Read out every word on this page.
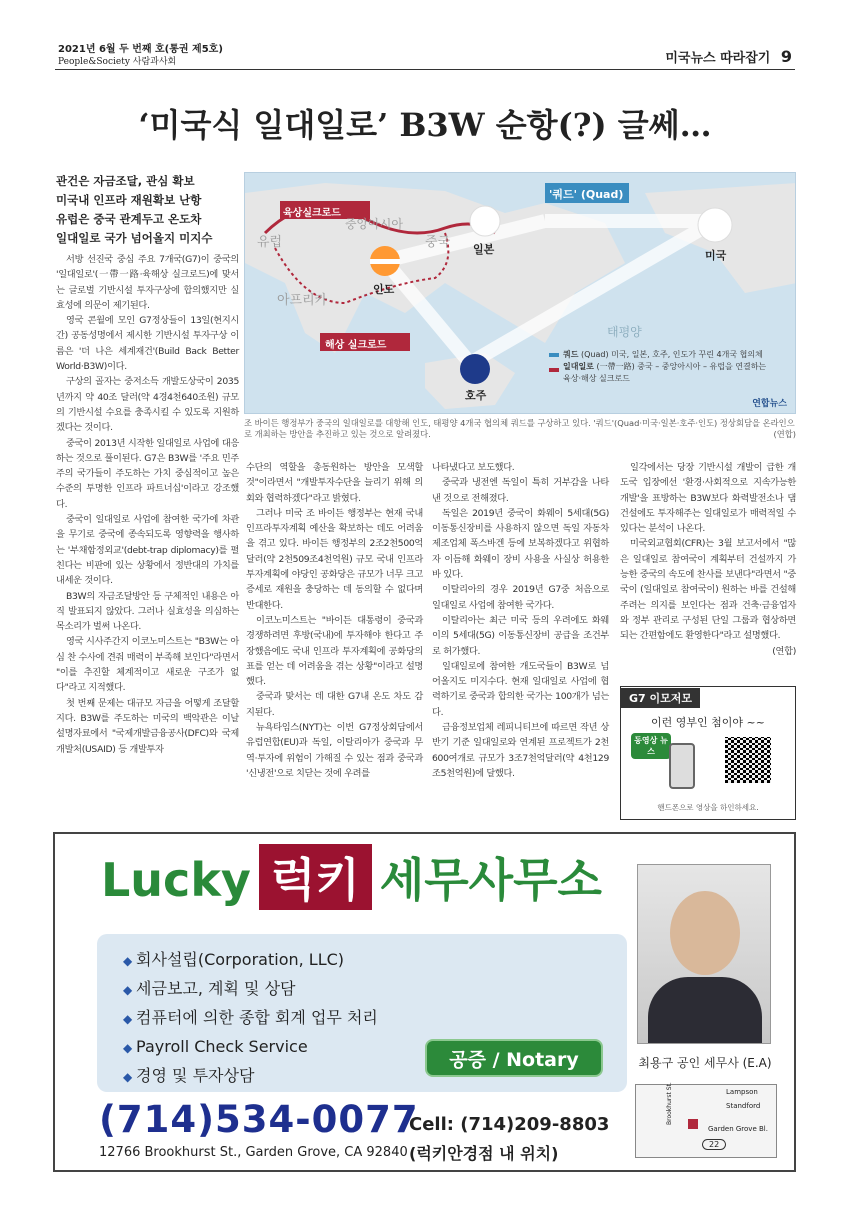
2021년 6월 두 번째 호(통권 제5호)
People&Society 사람과사회	미국뉴스 따라잡기 9
‘미국식 일대일로’ B3W 순항(?) 글쎄…
관건은 자금조달, 관심 확보
미국내 인프라 재원확보 난항
유럽은 중국 관계두고 온도차
일대일로 국가 넘어올지 미지수

서방 선진국 중심 주요 7개국(G7)이 중국의 '일대일로'(一帶一路·육해상 실크로드)에 맞서는 글로벌 기반시설 투자구상에 합의했지만 실효성에 의문이 제기된다.

영국 콘월에 모인 G7정상들이 13일(현지시간) 공동성명에서 제시한 기반시설 투자구상 이름은 '더 나은 세계재건'(Build Back Better World·B3W)이다.

구상의 골자는 중저소득 개발도상국이 2035년까지 약 40조 달러(약 4경4천640조원) 규모의 기반시설 수요를 충족시킬 수 있도록 지원하겠다는 것이다.

중국이 2013년 시작한 일대일로 사업에 대응하는 것으로 풀이된다. G7은 B3W를 '주요 민주주의 국가들이 주도하는 가치 중심적이고 높은 수준의 투명한 인프라 파트너십'이라고 강조했다.

중국이 일대일로 사업에 참여한 국가에 차관을 무기로 중국에 종속되도록 영향력을 행사하는 '부채함정외교'(debt-trap diplomacy)를 펼친다는 비판에 있는 상황에서 정반대의 가치를 내세운 것이다.

B3W의 자금조달방안 등 구체적인 내용은 아직 발표되지 않았다. 그러나 실효성을 의심하는 목소리가 벌써 나온다.

영국 시사주간지 이코노미스트는 "B3W는 아심 찬 수사에 견줘 매력이 부족해 보인다"라면서 "이를 추진할 체계적이고 새로운 구조가 없다"라고 지적했다.

첫 번째 문제는 대규모 자금을 어떻게 조달할지다. B3W를 주도하는 미국의 백악관은 이날 설명자료에서 "국제개발금융공사(DFC)와 국제개발처(USAID) 등 개발투자

육상실크로드
중앙아시아
유럽	중국 일본
'쿼드' (Quad)
미국
인도
아프리카
해상 실크로드
태평양
호주
쿼드 (Quad) 미국, 일본, 호주, 인도가 꾸린 4개국 협의체
일대일로 (一帶一路) 중국 – 중앙아시아 – 유럽을 연결하는
육상·해상 실크로드
연합뉴스
조 바이든 행정부가 중국의 일대일로를 대항해 인도, 태평양 4개국 협의체 쿼드를 구상하고 있다. '쿼드'(Quad·미국·일본·호주·인도) 정상회담을 온라인으로 개최하는 방안을 추진하고 있는 것으로 알려졌다.	(연합)

수단의 역할을 총동원하는 방안을 모색할 것"이라면서 "개발투자수단을 늘리기 위해 의회와 협력하겠다"라고 밝혔다.

그러나 미국 조 바이든 행정부는 현재 국내 인프라투자계획 예산을 확보하는 데도 어려움을 겪고 있다. 바이든 행정부의 2조2천500억 달러(약 2천509조4천억원) 규모 국내 인프라 투자계획에 야당인 공화당은 규모가 너무 크고 증세로 재원을 충당하는 데 동의할 수 없다며 반대한다.

이코노미스트는 "바이든 대통령이 중국과 경쟁하려면 후방(국내)에 투자해야 한다고 주장했음에도 국내 인프라 투자계획에 공화당의 표를 얻는 데 어려움을 겪는 상황"이라고 설명했다.

중국과 맞서는 데 대한 G7내 온도 차도 감지된다.

뉴욕타임스(NYT)는 이번 G7정상회담에서 유럽연합(EU)과 독일, 이탈리아가 중국과 무역·투자에 위험이 가해질 수 있는 점과 중국과 '신냉전'으로 치닫는 것에 우려를

나타냈다고 보도했다.

중국과 냉전엔 독일이 특히 거부감을 나타낸 것으로 전해졌다.

독일은 2019년 중국이 화웨이 5세대(5G) 이동통신장비를 사용하지 않으면 독일 자동차 제조업체 폭스바겐 등에 보복하겠다고 위협하자 이듬해 화웨이 장비 사용을 사실상 허용한 바 있다.

이탈리아의 경우 2019년 G7중 처음으로 일대일로 사업에 참여한 국가다.

이탈리아는 최근 미국 등의 우려에도 화웨이의 5세대(5G) 이동통신장비 공급을 조건부로 허가했다.

일대일로에 참여한 개도국들이 B3W로 넘어올지도 미지수다. 현재 일대일로 사업에 협력하기로 중국과 합의한 국가는 100개가 넘는다.

금융정보업체 레피니티브에 따르면 작년 상반기 기준 일대일로와 연계된 프로젝트가 2천600여개로 규모가 3조7천억달러(약 4천129조5천억원)에 달했다.

일각에서는 당장 기반시설 개발이 급한 개도국 입장에선 '환경·사회적으로 지속가능한 개발'을 표방하는 B3W보다 화력발전소나 댐 건설에도 투자해주는 일대일로가 매력적일 수 있다는 분석이 나온다.

미국외교협회(CFR)는 3월 보고서에서 "많은 일대일로 참여국이 계획부터 건설까지 가능한 중국의 속도에 찬사를 보낸다"라면서 "중국이 (일대일로 참여국이) 원하는 바를 건설해주려는 의지를 보인다는 점과 건축·금융업자와 정부 관리로 구성된 단일 그룹과 협상하면 되는 간편함에도 환영한다"라고 설명했다.

(연합)
G7 이모저모
이런 영부인 첨이야 ~~
동영상 뉴스
핸드폰으로 영상을 하인하세요.
Lucky 럭키 세무사무소
◆ 회사설립(Corporation, LLC)
◆ 세금보고, 계획 및 상담
◆ 컴퓨터에 의한 종합 회계 업무 처리
◆ Payroll Check Service
◆ 경영 및 투자상담
공증 / Notary
(714)534-0077
Cell: (714)209-8803
12766 Brookhurst St., Garden Grove, CA 92840 (럭키안경점 내 위치)
최용구 공인 세무사 (E.A)
Lampson
Standford
Garden Grove Bl.
Brookhurst St.
22
